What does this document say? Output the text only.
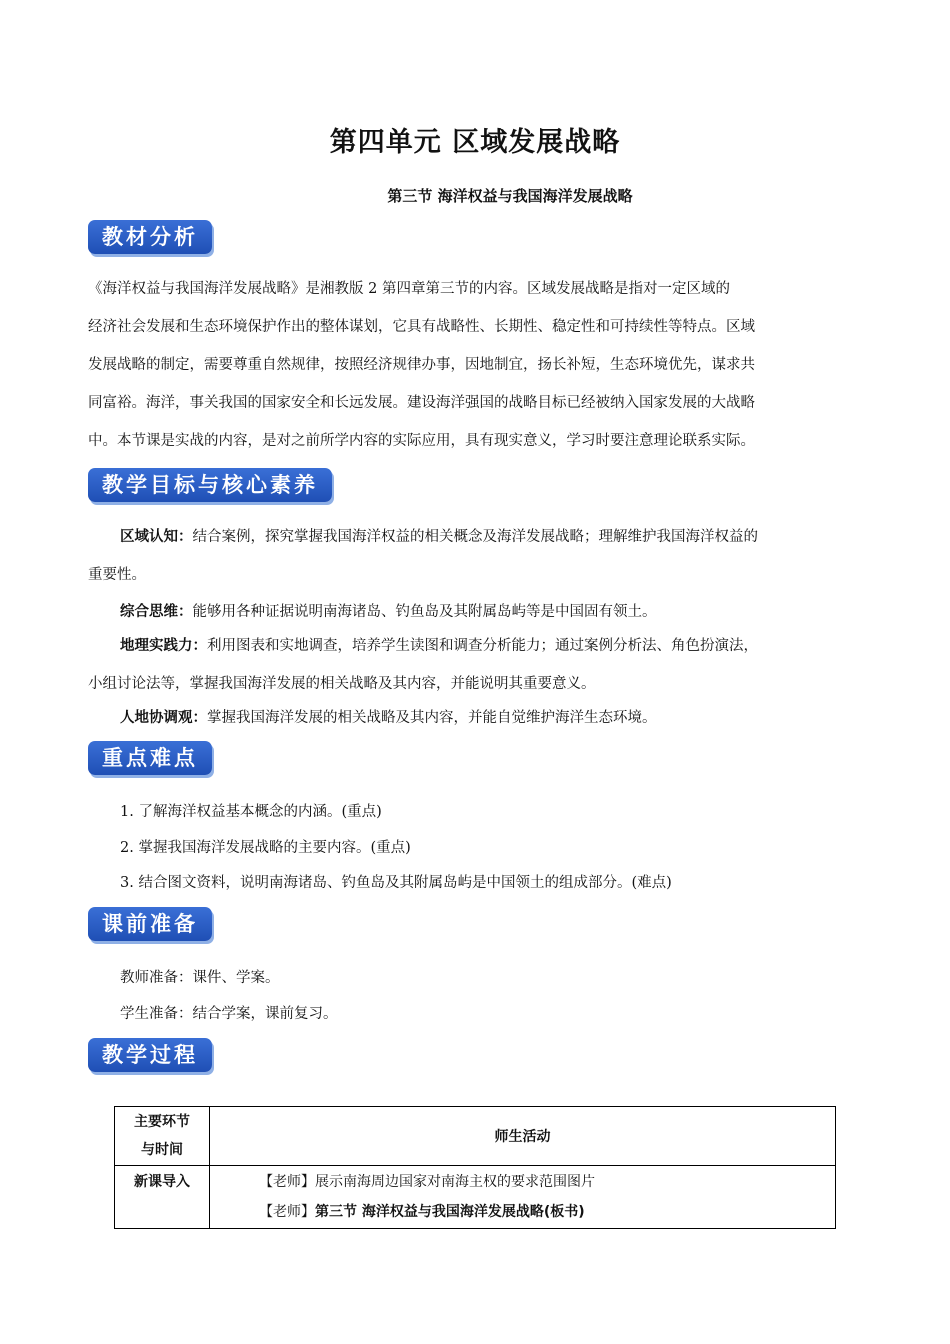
第四单元 区域发展战略
第三节 海洋权益与我国海洋发展战略
教材分析
《海洋权益与我国海洋发展战略》是湘教版 2 第四章第三节的内容。区域发展战略是指对一定区域的
经济社会发展和生态环境保护作出的整体谋划，它具有战略性、长期性、稳定性和可持续性等特点。区域
发展战略的制定，需要尊重自然规律，按照经济规律办事，因地制宜，扬长补短，生态环境优先，谋求共
同富裕。海洋，事关我国的国家安全和长远发展。建设海洋强国的战略目标已经被纳入国家发展的大战略
中。本节课是实战的内容，是对之前所学内容的实际应用，具有现实意义，学习时要注意理论联系实际。
教学目标与核心素养
区域认知：结合案例，探究掌握我国海洋权益的相关概念及海洋发展战略；理解维护我国海洋权益的
重要性。
综合思维：能够用各种证据说明南海诸岛、钓鱼岛及其附属岛屿等是中国固有领土。
地理实践力：利用图表和实地调查，培养学生读图和调查分析能力；通过案例分析法、角色扮演法，
小组讨论法等，掌握我国海洋发展的相关战略及其内容，并能说明其重要意义。
人地协调观：掌握我国海洋发展的相关战略及其内容，并能自觉维护海洋生态环境。
重点难点
1. 了解海洋权益基本概念的内涵。(重点)
2. 掌握我国海洋发展战略的主要内容。(重点)
3. 结合图文资料，说明南海诸岛、钓鱼岛及其附属岛屿是中国领土的组成部分。(难点)
课前准备
教师准备：课件、学案。
学生准备：结合学案，课前复习。
教学过程
主要环节
与时间	师生活动
新课导入	【老师】展示南海周边国家对南海主权的要求范围图片
【老师】第三节 海洋权益与我国海洋发展战略(板书)
